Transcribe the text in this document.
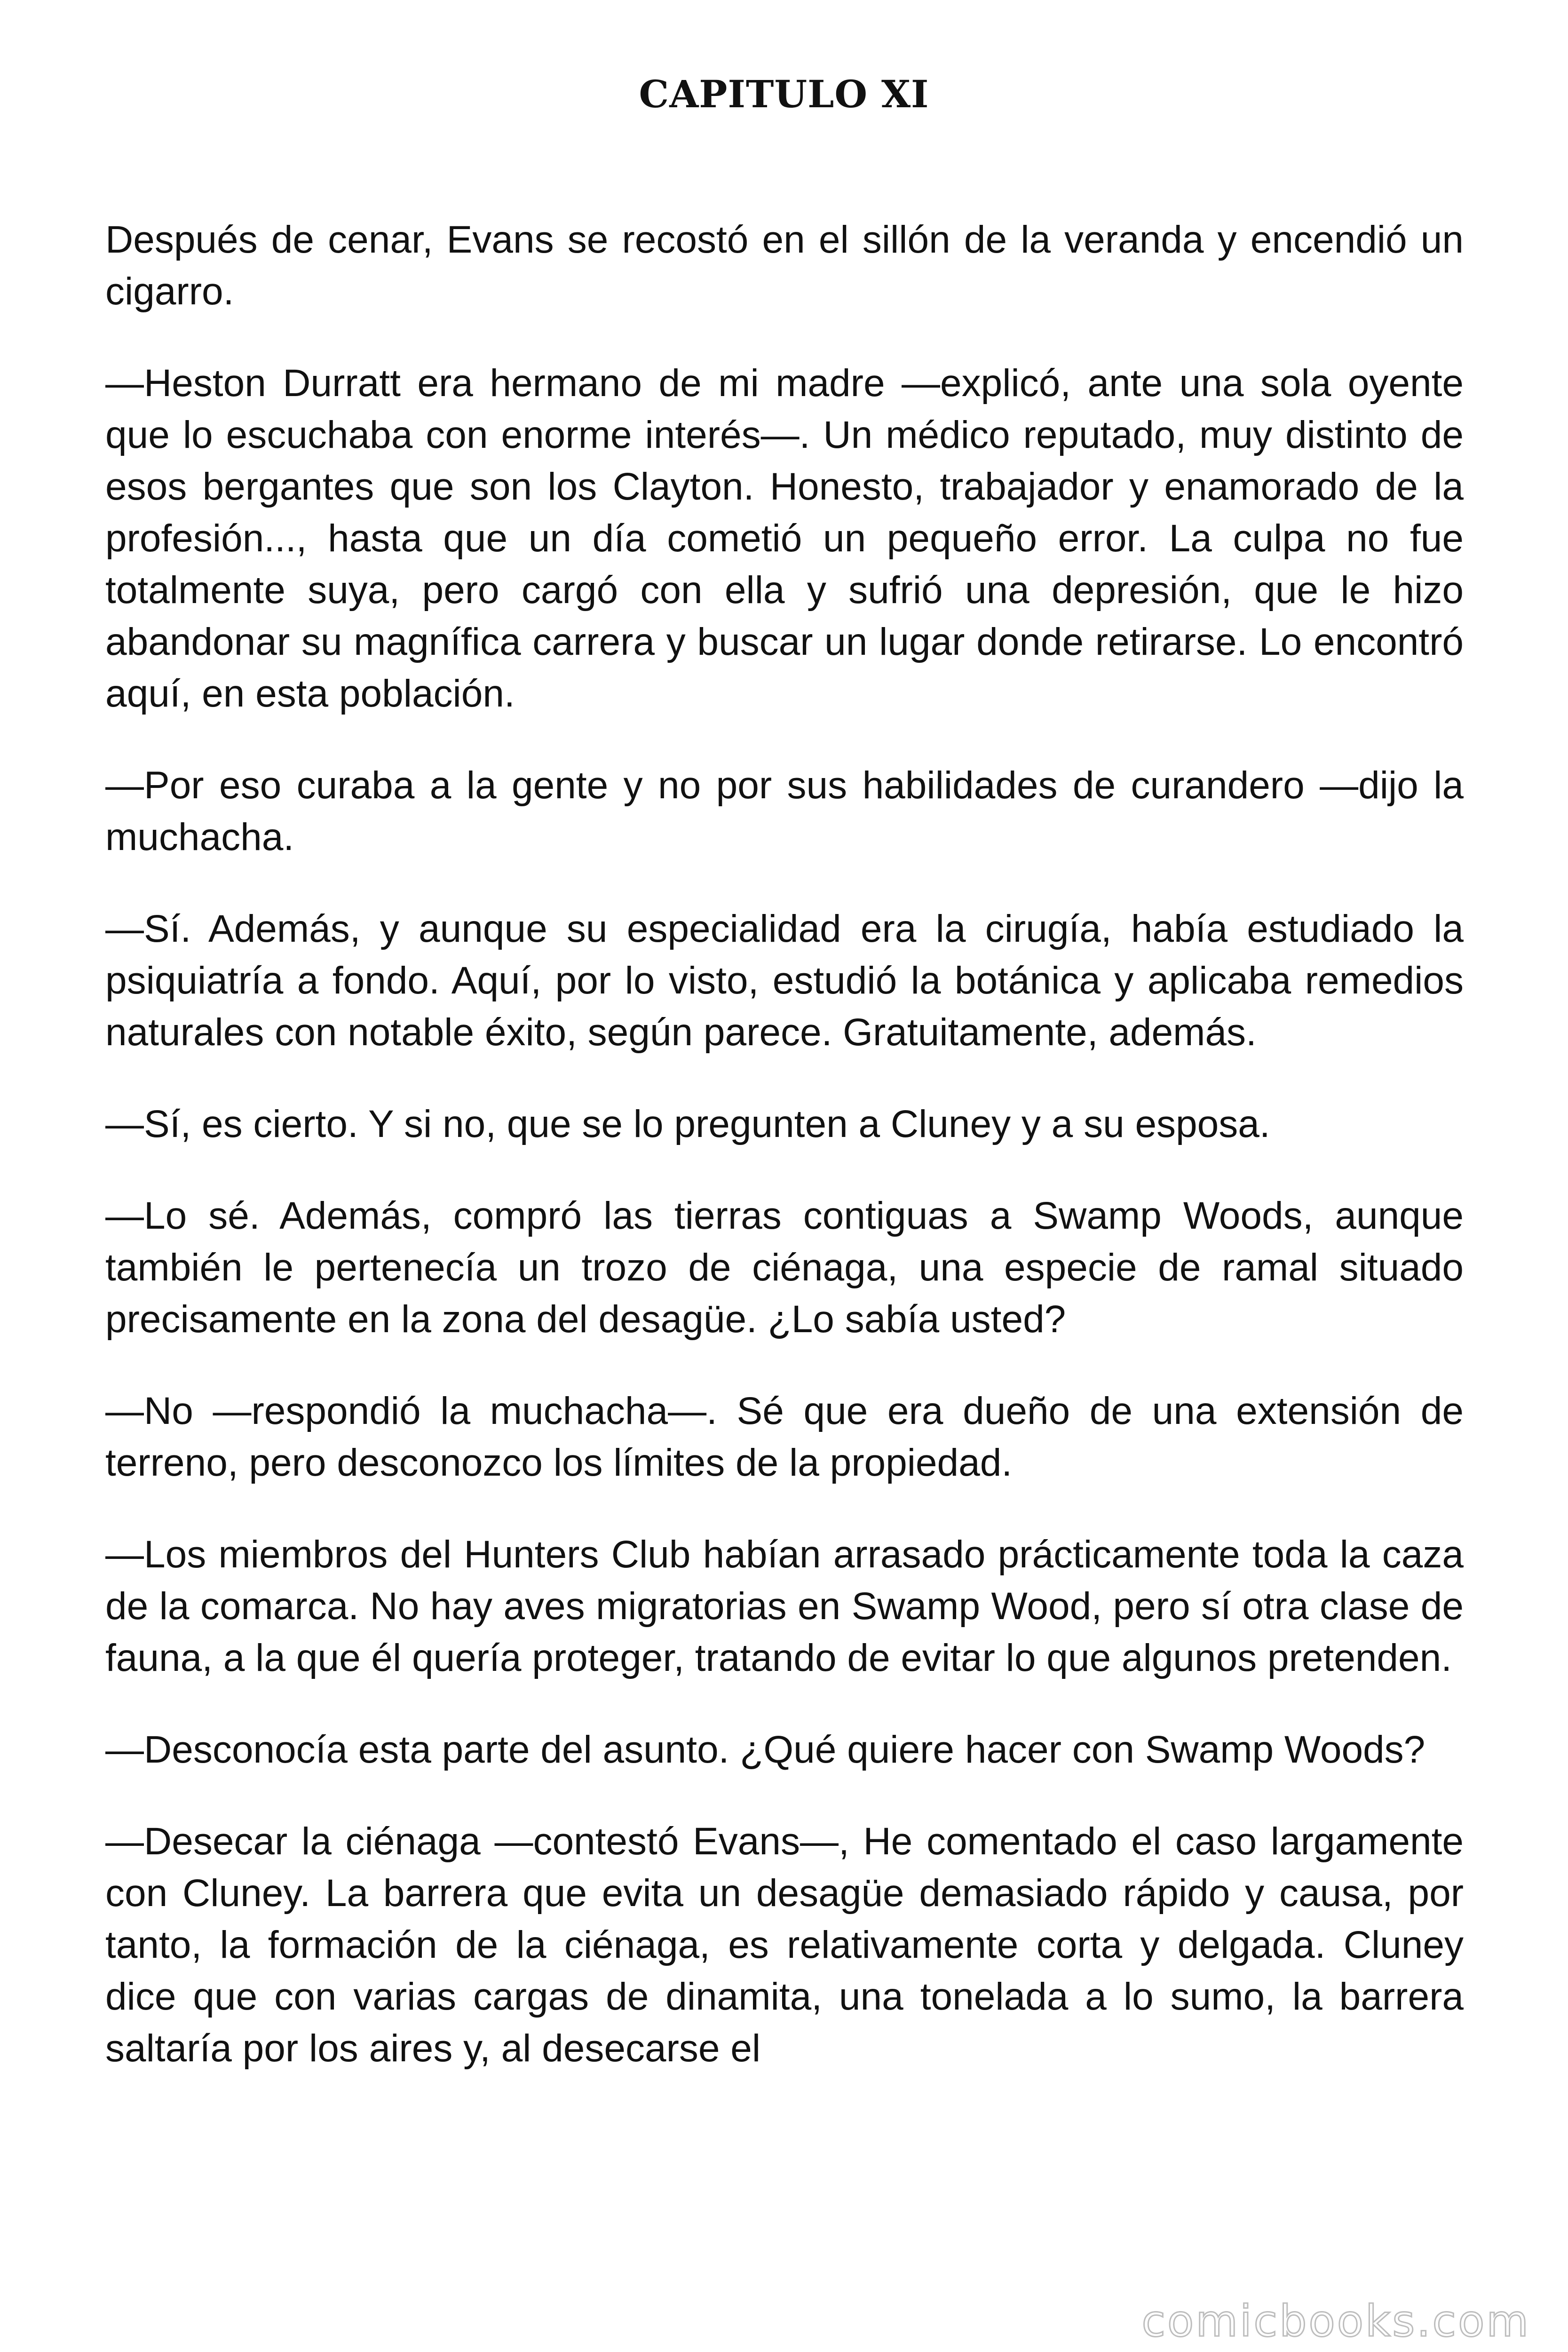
CAPITULO XI

Después de cenar, Evans se recostó en el sillón de la veranda y encendió un cigarro.

—Heston Durratt era hermano de mi madre —explicó, ante una sola oyente que lo escuchaba con enorme interés—. Un médico reputado, muy distinto de esos bergantes que son los Clayton. Honesto, trabajador y enamorado de la profesión..., hasta que un día cometió un pequeño error. La culpa no fue totalmente suya, pero cargó con ella y sufrió una depresión, que le hizo abandonar su magnífica carrera y buscar un lugar donde retirarse. Lo encontró aquí, en esta población.

—Por eso curaba a la gente y no por sus habilidades de curandero —dijo la muchacha.

—Sí. Además, y aunque su especialidad era la cirugía, había estudiado la psiquiatría a fondo. Aquí, por lo visto, estudió la botánica y aplicaba remedios naturales con notable éxito, según parece. Gratuitamente, además.

—Sí, es cierto. Y si no, que se lo pregunten a Cluney y a su esposa.

—Lo sé. Además, compró las tierras contiguas a Swamp Woods, aunque también le pertenecía un trozo de ciénaga, una especie de ramal situado precisamente en la zona del desagüe. ¿Lo sabía usted?

—No —respondió la muchacha—. Sé que era dueño de una extensión de terreno, pero desconozco los límites de la propiedad.

—Los miembros del Hunters Club habían arrasado prácticamente toda la caza de la comarca. No hay aves migratorias en Swamp Wood, pero sí otra clase de fauna, a la que él quería proteger, tratando de evitar lo que algunos pretenden.

—Desconocía esta parte del asunto. ¿Qué quiere hacer con Swamp Woods?

—Desecar la ciénaga —contestó Evans—, He comentado el caso largamente con Cluney. La barrera que evita un desagüe demasiado rápido y causa, por tanto, la formación de la ciénaga, es relativamente corta y delgada. Cluney dice que con varias cargas de dinamita, una tonelada a lo sumo, la barrera saltaría por los aires y, al desecarse el

comicbooks.com
